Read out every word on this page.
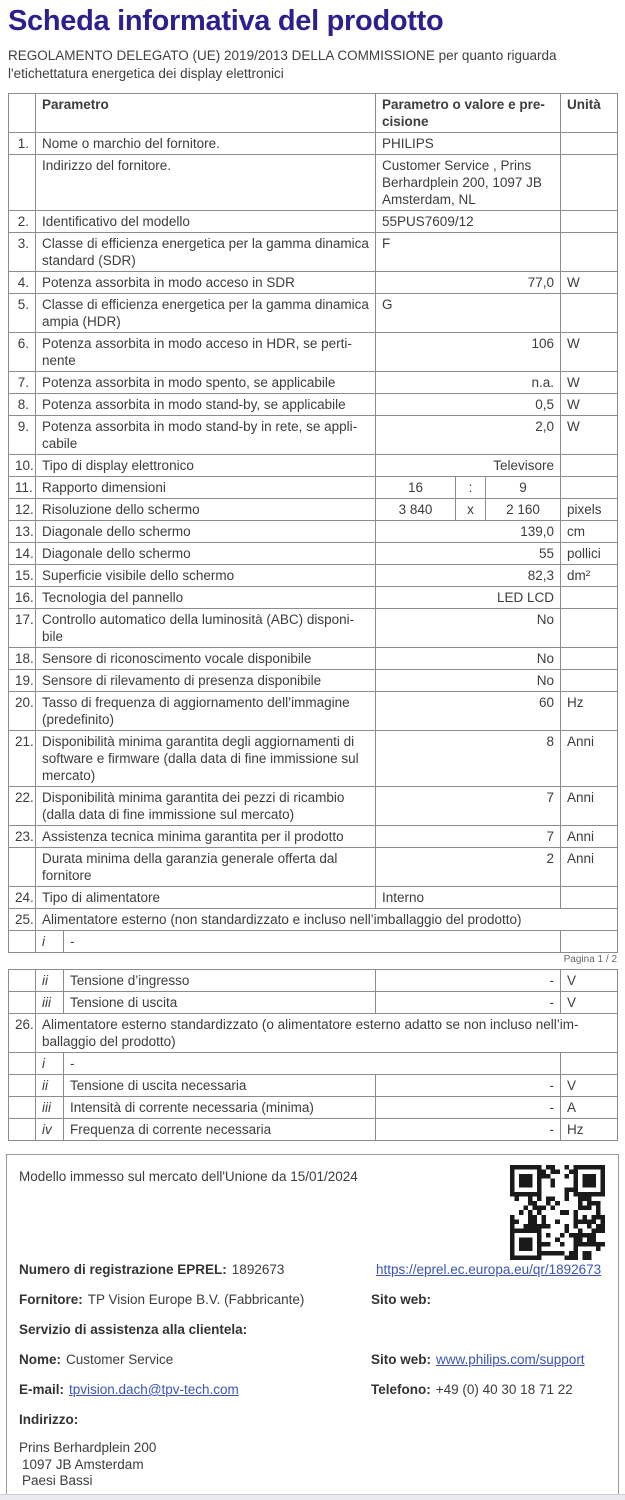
Scheda informativa del prodotto

REGOLAMENTO DELEGATO (UE) 2019/2013 DELLA COMMISSIONE per quanto riguarda l'etichettatura energetica dei display elettronici

	Parametro		Parametro o valore e precisione			Unità
1.	Nome o marchio del fornitore.		PHILIPS			
	Indirizzo del fornitore.		Customer Service , Prins Berhardplein 200, 1097 JB Amsterdam, NL			
2.	Identificativo del modello		55PUS7609/12			
3.	Classe di efficienza energetica per la gamma dinamica standard (SDR)		F			
4.	Potenza assorbita in modo acceso in SDR		77,0			W
5.	Classe di efficienza energetica per la gamma dinamica ampia (HDR)		G			
6.	Potenza assorbita in modo acceso in HDR, se pertinente		106			W
7.	Potenza assorbita in modo spento, se applicabile		n.a.			W
8.	Potenza assorbita in modo stand-by, se applicabile		0,5			W
9.	Potenza assorbita in modo stand-by in rete, se applicabile		2,0			W
10.	Tipo di display elettronico		Televisore			
11.	Rapporto dimensioni		16	:	9	
12.	Risoluzione dello schermo		3 840	x	2 160	pixels
13.	Diagonale dello schermo		139,0			cm
14.	Diagonale dello schermo		55			pollici
15.	Superficie visibile dello schermo		82,3			dm²
16.	Tecnologia del pannello		LED LCD			
17.	Controllo automatico della luminosità (ABC) disponibile		No			
18.	Sensore di riconoscimento vocale disponibile		No			
19.	Sensore di rilevamento di presenza disponibile		No			
20.	Tasso di frequenza di aggiornamento dell’immagine (predefinito)		60			Hz
21.	Disponibilità minima garantita degli aggiornamenti di software e firmware (dalla data di fine immissione sul mercato)		8			Anni
22.	Disponibilità minima garantita dei pezzi di ricambio (dalla data di fine immissione sul mercato)		7			Anni
23.	Assistenza tecnica minima garantita per il prodotto		7			Anni
	Durata minima della garanzia generale offerta dal fornitore		2			Anni
24.	Tipo di alimentatore		Interno			
25.	Alimentatore esterno (non standardizzato e incluso nell’imballaggio del prodotto)					
	i	-				
Pagina 1 / 2
	ii	Tensione d’ingresso	-	V
	iii	Tensione di uscita	-	V
26.	Alimentatore esterno standardizzato (o alimentatore esterno adatto se non incluso nell’imballaggio del prodotto)			
	i	-		
	ii	Tensione di uscita necessaria	-	V
	iii	Intensità di corrente necessaria (minima)	-	A
	iv	Frequenza di corrente necessaria	-	Hz
Modello immesso sul mercato dell'Unione da 15/01/2024
Numero di registrazione EPREL: 1892673	https://eprel.ec.europa.eu/qr/1892673
Fornitore: TP Vision Europe B.V. (Fabbricante)	Sito web:
Servizio di assistenza alla clientela:
Nome: Customer Service	Sito web: www.philips.com/support
E-mail: tpvision.dach@tpv-tech.com	Telefono: +49 (0) 40 30 18 71 22
Indirizzo:
Prins Berhardplein 200
1097 JB Amsterdam
Paesi Bassi
